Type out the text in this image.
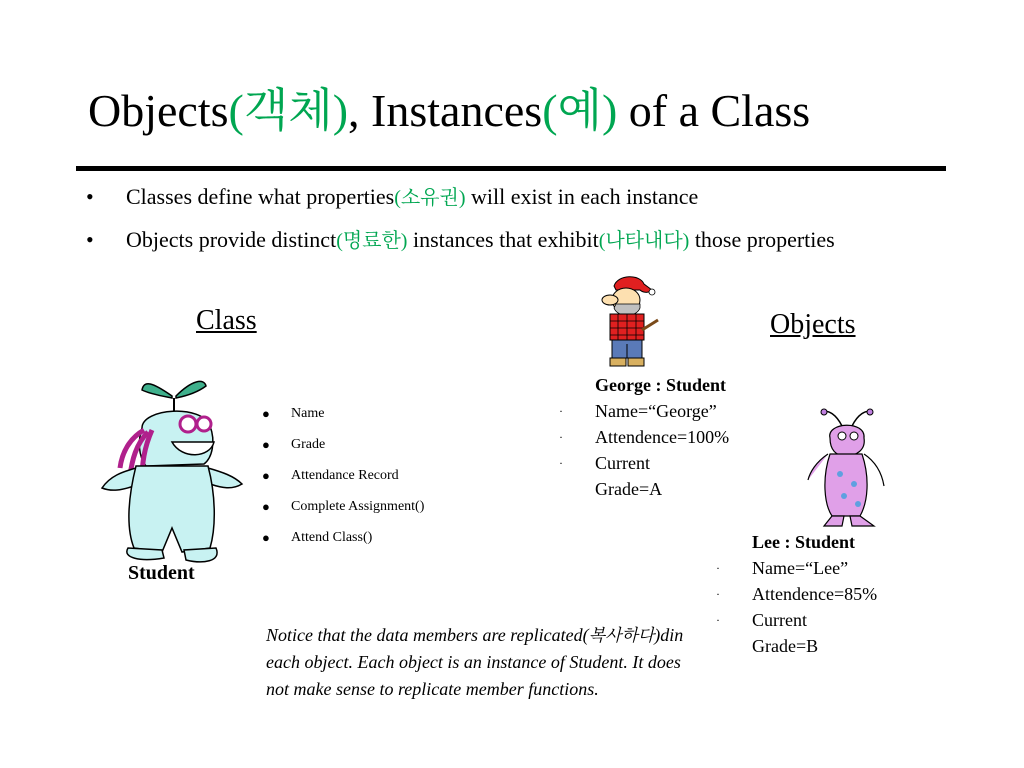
Objects(객체), Instances(예) of a Class
• Classes define what properties(소유권) will exist in each instance
• Objects provide distinct(명료한) instances that exhibit(나타내다) those properties
Class	Objects
Student
● Name
● Grade
● Attendance Record
● Complete Assignment()
● Attend Class()
George : Student
· Name=“George”
· Attendence=100%
· Current Grade=A
Lee : Student
· Name=“Lee”
· Attendence=85%
· Current Grade=B

Notice that the data members are replicated(복사하다)din each object. Each object is an instance of Student. It does not make sense to replicate member functions.
